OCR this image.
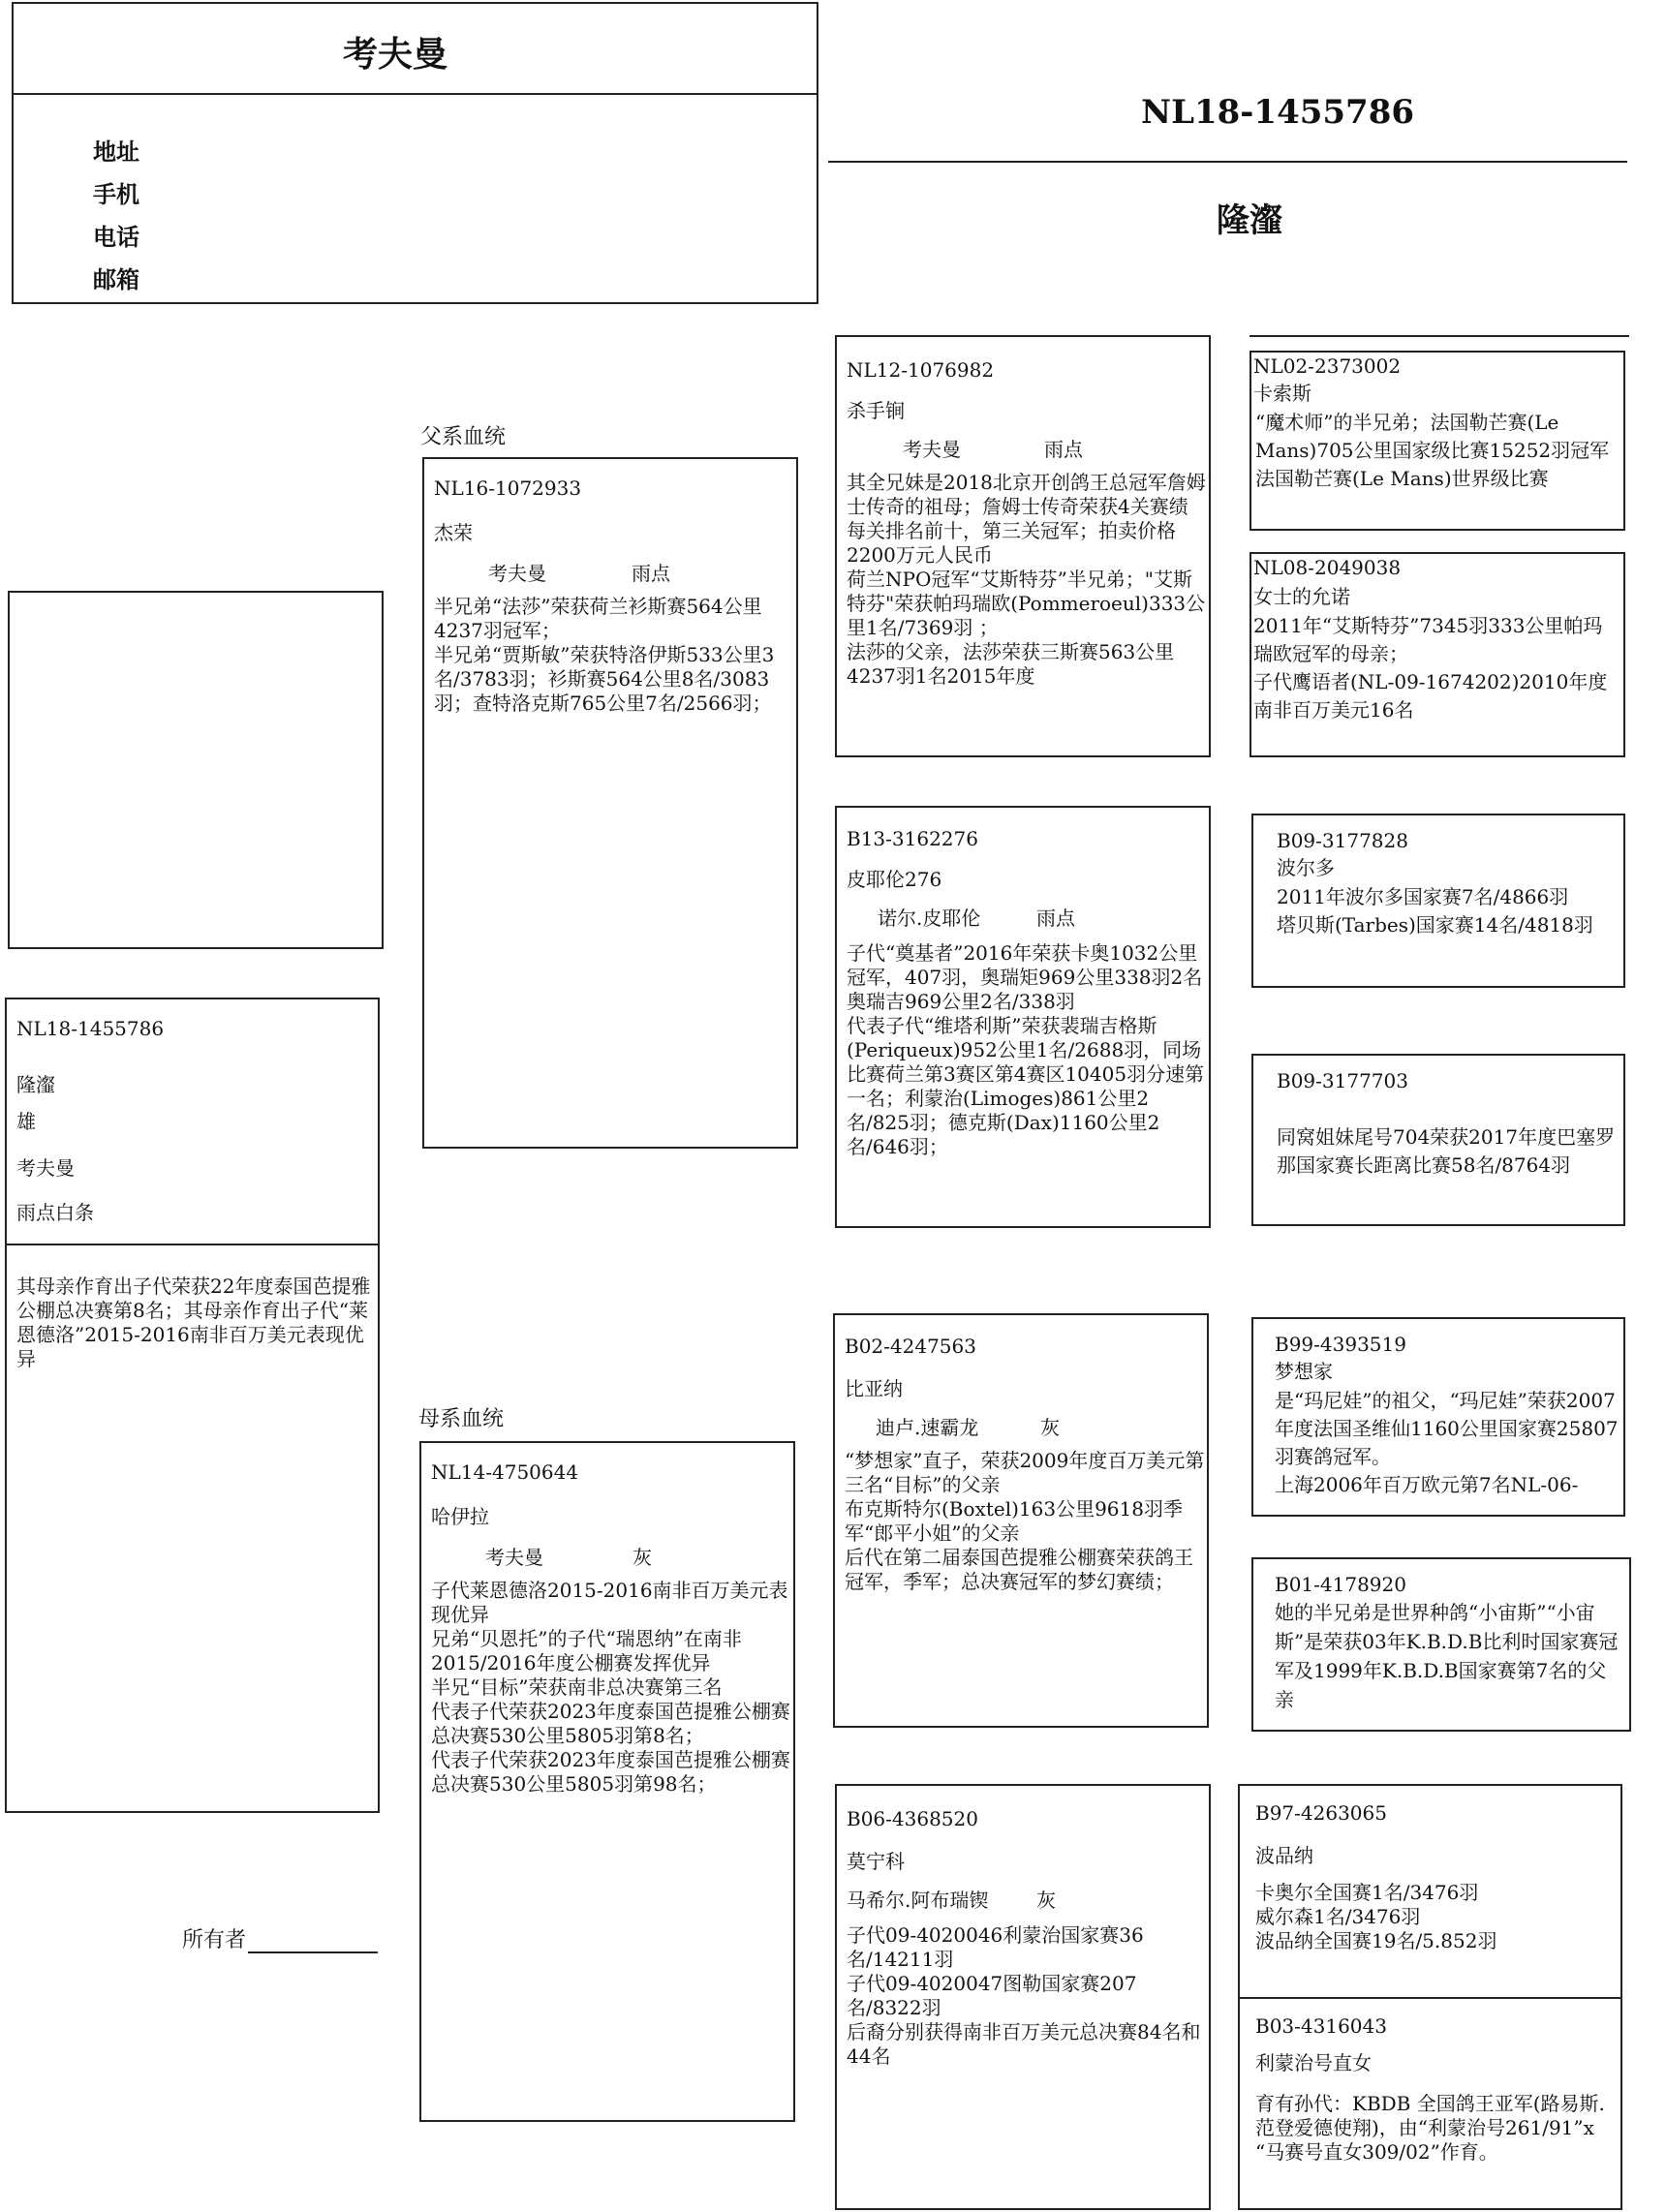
考夫曼
地址
手机
电话
邮箱
NL18-1455786
隆瀣
NL18-1455786
隆瀣
雄
考夫曼
雨点白条
其母亲作育出子代荣获22年度泰国芭提雅公棚总决赛第8名；其母亲作育出子代“莱恩德洛”2015-2016南非百万美元表现优异
所有者
父系血统
母系血统
NL16-1072933
杰荣
考夫曼	雨点
半兄弟“法莎”荣获荷兰衫斯赛564公里4237羽冠军；
半兄弟“贾斯敏”荣获特洛伊斯533公里3名/3783羽；衫斯赛564公里8名/3083羽；查特洛克斯765公里7名/2566羽；
NL14-4750644
哈伊拉
考夫曼	灰
子代莱恩德洛2015-2016南非百万美元表现优异
兄弟“贝恩托”的子代“瑞恩纳”在南非2015/2016年度公棚赛发挥优异
半兄“目标”荣获南非总决赛第三名
代表子代荣获2023年度泰国芭提雅公棚赛总决赛530公里5805羽第8名；
代表子代荣获2023年度泰国芭提雅公棚赛总决赛530公里5805羽第98名；
NL12-1076982
杀手锏
考夫曼	雨点
其全兄妹是2018北京开创鸽王总冠军詹姆士传奇的祖母；詹姆士传奇荣获4关赛绩每关排名前十，第三关冠军；拍卖价格2200万元人民币
荷兰NPO冠军“艾斯特芬”半兄弟；"艾斯特芬"荣获帕玛瑞欧(Pommeroeul)333公里1名/7369羽 ；
法莎的父亲，法莎荣获三斯赛563公里4237羽1名2015年度
B13-3162276
皮耶伦276
诺尔.皮耶伦	雨点
子代“奠基者”2016年荣获卡奥1032公里冠军，407羽，奥瑞矩969公里338羽2名
奥瑞吉969公里2名/338羽
代表子代“维塔利斯”荣获裴瑞吉格斯(Periqueux)952公里1名/2688羽，同场比赛荷兰第3赛区第4赛区10405羽分速第一名；利蒙治(Limoges)861公里2名/825羽；德克斯(Dax)1160公里2名/646羽；
B02-4247563
比亚纳
迪卢.速霸龙	灰
“梦想家”直子，荣获2009年度百万美元第三名“目标”的父亲
布克斯特尔(Boxtel)163公里9618羽季军“郎平小姐”的父亲
后代在第二届泰国芭提雅公棚赛荣获鸽王冠军，季军；总决赛冠军的梦幻赛绩；
B06-4368520
莫宁科
马希尔.阿布瑞锲 灰
子代09-4020046利蒙治国家赛36名/14211羽
子代09-4020047图勒国家赛207名/8322羽
后裔分别获得南非百万美元总决赛84名和44名
NL02-2373002
卡索斯
“魔术师”的半兄弟；法国勒芒赛(Le Mans)705公里国家级比赛15252羽冠军
法国勒芒赛(Le Mans)世界级比赛
NL08-2049038
女士的允诺
2011年“艾斯特芬”7345羽333公里帕玛瑞欧冠军的母亲；
子代鹰语者(NL-09-1674202)2010年度南非百万美元16名
B09-3177828
波尔多
2011年波尔多国家赛7名/4866羽
塔贝斯(Tarbes)国家赛14名/4818羽
B09-3177703
同窝姐妹尾号704荣获2017年度巴塞罗那国家赛长距离比赛58名/8764羽
B99-4393519
梦想家
是“玛尼娃”的祖父，“玛尼娃”荣获2007年度法国圣维仙1160公里国家赛25807羽赛鸽冠军。
上海2006年百万欧元第7名NL-06-
B01-4178920
她的半兄弟是世界种鸽“小宙斯”“小宙斯”是荣获03年K.B.D.B比利时国家赛冠军及1999年K.B.D.B国家赛第7名的父亲
B97-4263065
波品纳
卡奥尔全国赛1名/3476羽
威尔森1名/3476羽
波品纳全国赛19名/5.852羽
B03-4316043
利蒙治号直女
育有孙代：KBDB 全国鸽王亚军(路易斯.范登爱德使翔)，由“利蒙治号261/91”x “马赛号直女309/02”作育。
